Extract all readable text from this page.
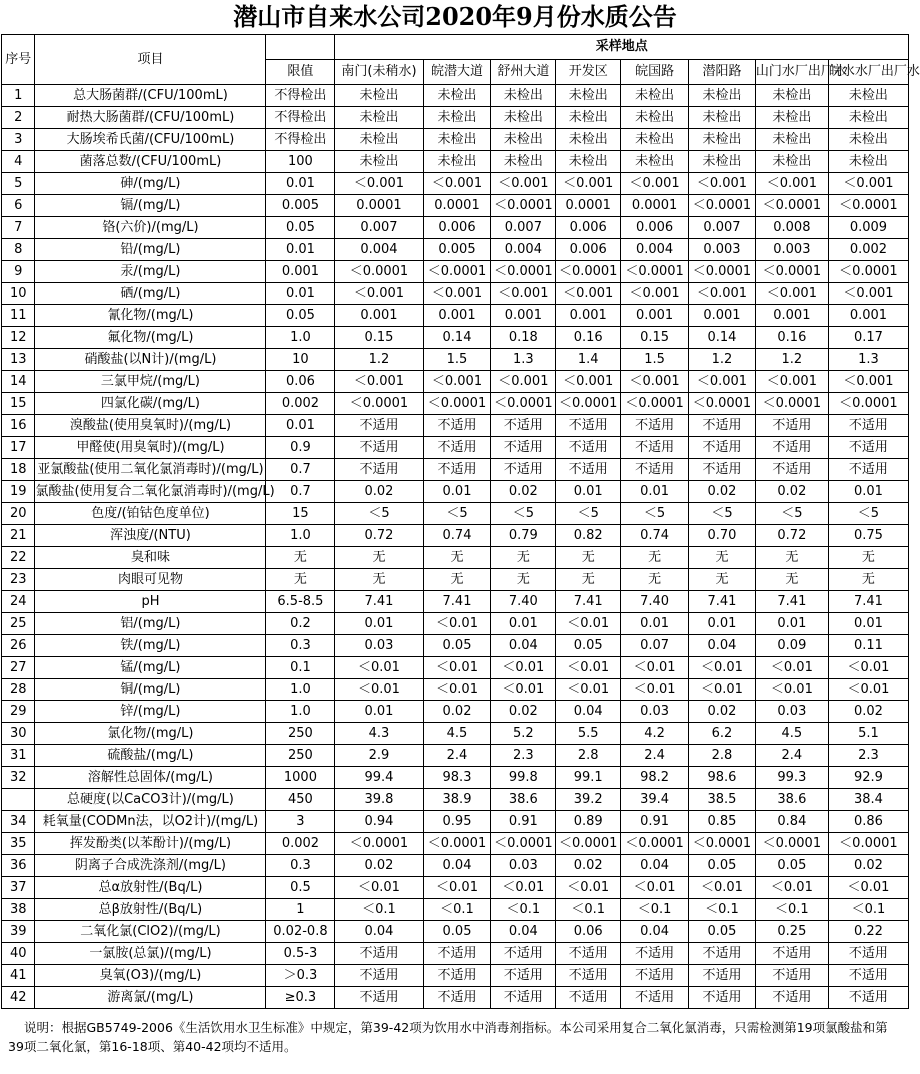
潜山市自来水公司2020年9月份水质公告
序号	项目		采样地点							
		限值	南门(未稍水)	皖潜大道	舒州大道	开发区	皖国路	潜阳路	山门水厂出厂水	皖水水厂出厂水
1	总大肠菌群/(CFU/100mL)	不得检出	未检出	未检出	未检出	未检出	未检出	未检出	未检出	未检出
2	耐热大肠菌群/(CFU/100mL)	不得检出	未检出	未检出	未检出	未检出	未检出	未检出	未检出	未检出
3	大肠埃希氏菌/(CFU/100mL)	不得检出	未检出	未检出	未检出	未检出	未检出	未检出	未检出	未检出
4	菌落总数/(CFU/100mL)	100	未检出	未检出	未检出	未检出	未检出	未检出	未检出	未检出
5	砷/(mg/L)	0.01	＜0.001	＜0.001	＜0.001	＜0.001	＜0.001	＜0.001	＜0.001	＜0.001
6	镉/(mg/L)	0.005	0.0001	0.0001	＜0.0001	0.0001	0.0001	＜0.0001	＜0.0001	＜0.0001
7	铬(六价)/(mg/L)	0.05	0.007	0.006	0.007	0.006	0.006	0.007	0.008	0.009
8	铅/(mg/L)	0.01	0.004	0.005	0.004	0.006	0.004	0.003	0.003	0.002
9	汞/(mg/L)	0.001	＜0.0001	＜0.0001	＜0.0001	＜0.0001	＜0.0001	＜0.0001	＜0.0001	＜0.0001
10	硒/(mg/L)	0.01	＜0.001	＜0.001	＜0.001	＜0.001	＜0.001	＜0.001	＜0.001	＜0.001
11	氰化物/(mg/L)	0.05	0.001	0.001	0.001	0.001	0.001	0.001	0.001	0.001
12	氟化物/(mg/L)	1.0	0.15	0.14	0.18	0.16	0.15	0.14	0.16	0.17
13	硝酸盐(以N计)/(mg/L)	10	1.2	1.5	1.3	1.4	1.5	1.2	1.2	1.3
14	三氯甲烷/(mg/L)	0.06	＜0.001	＜0.001	＜0.001	＜0.001	＜0.001	＜0.001	＜0.001	＜0.001
15	四氯化碳/(mg/L)	0.002	＜0.0001	＜0.0001	＜0.0001	＜0.0001	＜0.0001	＜0.0001	＜0.0001	＜0.0001
16	溴酸盐(使用臭氧时)/(mg/L)	0.01	不适用	不适用	不适用	不适用	不适用	不适用	不适用	不适用
17	甲醛使(用臭氧时)/(mg/L)	0.9	不适用	不适用	不适用	不适用	不适用	不适用	不适用	不适用
18	亚氯酸盐(使用二氧化氯消毒时)/(mg/L)	0.7	不适用	不适用	不适用	不适用	不适用	不适用	不适用	不适用
19	氯酸盐(使用复合二氧化氯消毒时)/(mg/L)	0.7	0.02	0.01	0.02	0.01	0.01	0.02	0.02	0.01
20	色度/(铂钴色度单位)	15	＜5	＜5	＜5	＜5	＜5	＜5	＜5	＜5
21	浑浊度/(NTU)	1.0	0.72	0.74	0.79	0.82	0.74	0.70	0.72	0.75
22	臭和味	无	无	无	无	无	无	无	无	无
23	肉眼可见物	无	无	无	无	无	无	无	无	无
24	pH	6.5-8.5	7.41	7.41	7.40	7.41	7.40	7.41	7.41	7.41
25	铝/(mg/L)	0.2	0.01	＜0.01	0.01	＜0.01	0.01	0.01	0.01	0.01
26	铁/(mg/L)	0.3	0.03	0.05	0.04	0.05	0.07	0.04	0.09	0.11
27	锰/(mg/L)	0.1	＜0.01	＜0.01	＜0.01	＜0.01	＜0.01	＜0.01	＜0.01	＜0.01
28	铜/(mg/L)	1.0	＜0.01	＜0.01	＜0.01	＜0.01	＜0.01	＜0.01	＜0.01	＜0.01
29	锌/(mg/L)	1.0	0.01	0.02	0.02	0.04	0.03	0.02	0.03	0.02
30	氯化物/(mg/L)	250	4.3	4.5	5.2	5.5	4.2	6.2	4.5	5.1
31	硫酸盐/(mg/L)	250	2.9	2.4	2.3	2.8	2.4	2.8	2.4	2.3
32	溶解性总固体/(mg/L)	1000	99.4	98.3	99.8	99.1	98.2	98.6	99.3	92.9
	总硬度(以CaCO3计)/(mg/L)	450	39.8	38.9	38.6	39.2	39.4	38.5	38.6	38.4
34	耗氧量(CODMn法，以O2计)/(mg/L)	3	0.94	0.95	0.91	0.89	0.91	0.85	0.84	0.86
35	挥发酚类(以苯酚计)/(mg/L)	0.002	＜0.0001	＜0.0001	＜0.0001	＜0.0001	＜0.0001	＜0.0001	＜0.0001	＜0.0001
36	阴离子合成洗涤剂/(mg/L)	0.3	0.02	0.04	0.03	0.02	0.04	0.05	0.05	0.02
37	总α放射性/(Bq/L)	0.5	＜0.01	＜0.01	＜0.01	＜0.01	＜0.01	＜0.01	＜0.01	＜0.01
38	总β放射性/(Bq/L)	1	＜0.1	＜0.1	＜0.1	＜0.1	＜0.1	＜0.1	＜0.1	＜0.1
39	二氧化氯(ClO2)/(mg/L)	0.02-0.8	0.04	0.05	0.04	0.06	0.04	0.05	0.25	0.22
40	一氯胺(总氯)/(mg/L)	0.5-3	不适用	不适用	不适用	不适用	不适用	不适用	不适用	不适用
41	臭氧(O3)/(mg/L)	＞0.3	不适用	不适用	不适用	不适用	不适用	不适用	不适用	不适用
42	游离氯/(mg/L)	≥0.3	不适用	不适用	不适用	不适用	不适用	不适用	不适用	不适用
说明：根据GB5749-2006《生活饮用水卫生标准》中规定，第39-42项为饮用水中消毒剂指标。本公司采用复合二氧化氯消毒，只需检测第19项氯酸盐和第39项二氧化氯，第16-18项、第40-42项均不适用。
